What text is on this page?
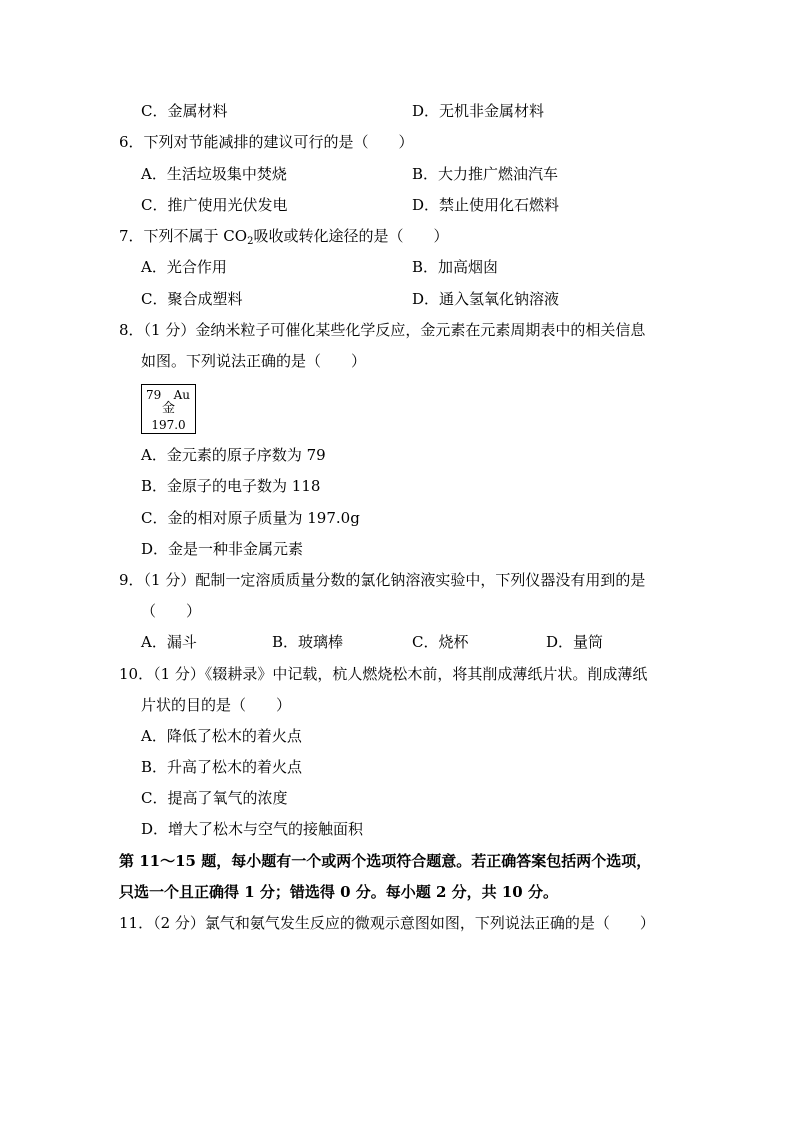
C．金属材料	D．无机非金属材料
6．下列对节能减排的建议可行的是（　　）
A．生活垃圾集中焚烧	B．大力推广燃油汽车
C．推广使用光伏发电	D．禁止使用化石燃料
7．下列不属于 $CO_2$吸收或转化途径的是（　　）
A．光合作用	B．加高烟囱
C．聚合成塑料	D．通入氢氧化钠溶液
8．（1 分）金纳米粒子可催化某些化学反应，金元素在元素周期表中的相关信息
如图。下列说法正确的是（　　）
79 Au
金
197.0
A．金元素的原子序数为 79
B．金原子的电子数为 118
C．金的相对原子质量为 197.0g
D．金是一种非金属元素
9．（1 分）配制一定溶质质量分数的氯化钠溶液实验中，下列仪器没有用到的是
（　　）
A．漏斗	B．玻璃棒	C．烧杯	D．量筒
10．（1 分）《辍耕录》中记载，杭人燃烧松木前，将其削成薄纸片状。削成薄纸
片状的目的是（　　）
A．降低了松木的着火点
B．升高了松木的着火点
C．提高了氧气的浓度
D．增大了松木与空气的接触面积
第 11～15 题，每小题有一个或两个选项符合题意。若正确答案包括两个选项，
只选一个且正确得 1 分；错选得 0 分。每小题 2 分，共 10 分。
11．（2 分）氯气和氨气发生反应的微观示意图如图，下列说法正确的是（　　）
